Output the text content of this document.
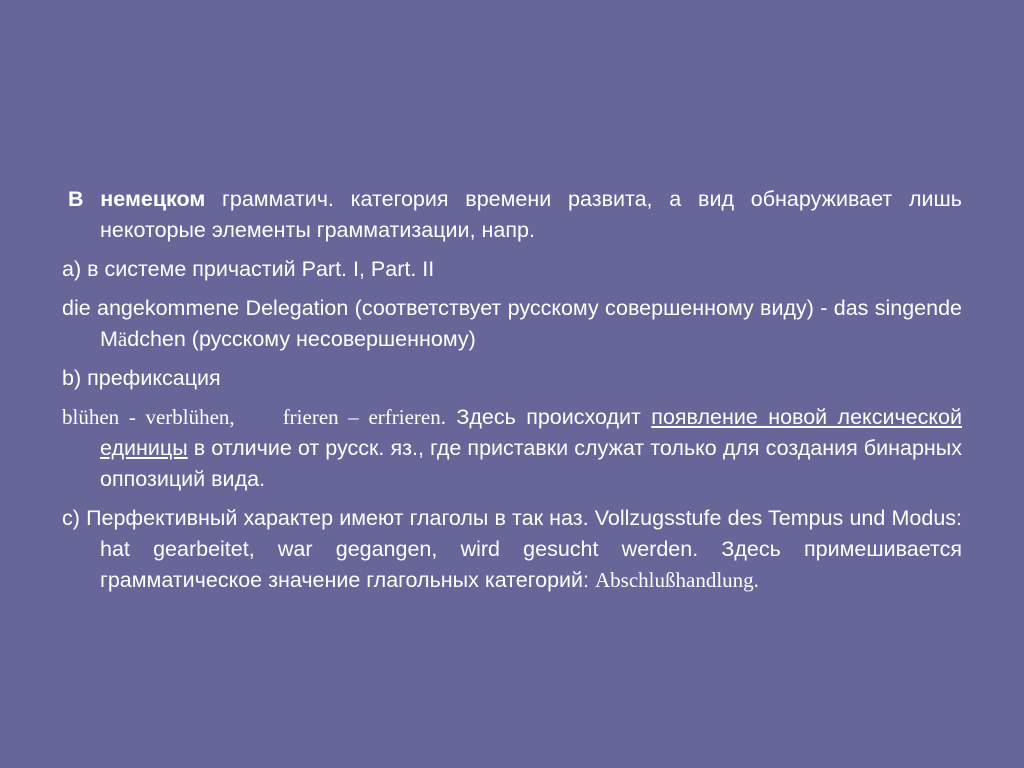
В немецком грамматич. категория времени развита, а вид обнаруживает лишь некоторые элементы грамматизации, напр.

а) в системе причастий Part. I, Part. II

die angekommene Delegation (соответствует русскому совершенному виду) - das singende Mädchen (русскому несовершенному)

b) префиксация

blühen - verblühen, frieren – erfrieren. Здесь происходит появление новой лексической единицы в отличие от русск. яз., где приставки служат только для создания бинарных оппозиций вида.

c) Перфективный характер имеют глаголы в так наз. Vollzugsstufe des Tempus und Modus: hat gearbeitet, war gegangen, wird gesucht werden. Здесь примешивается грамматическое значение глагольных категорий: Abschlußhandlung.
